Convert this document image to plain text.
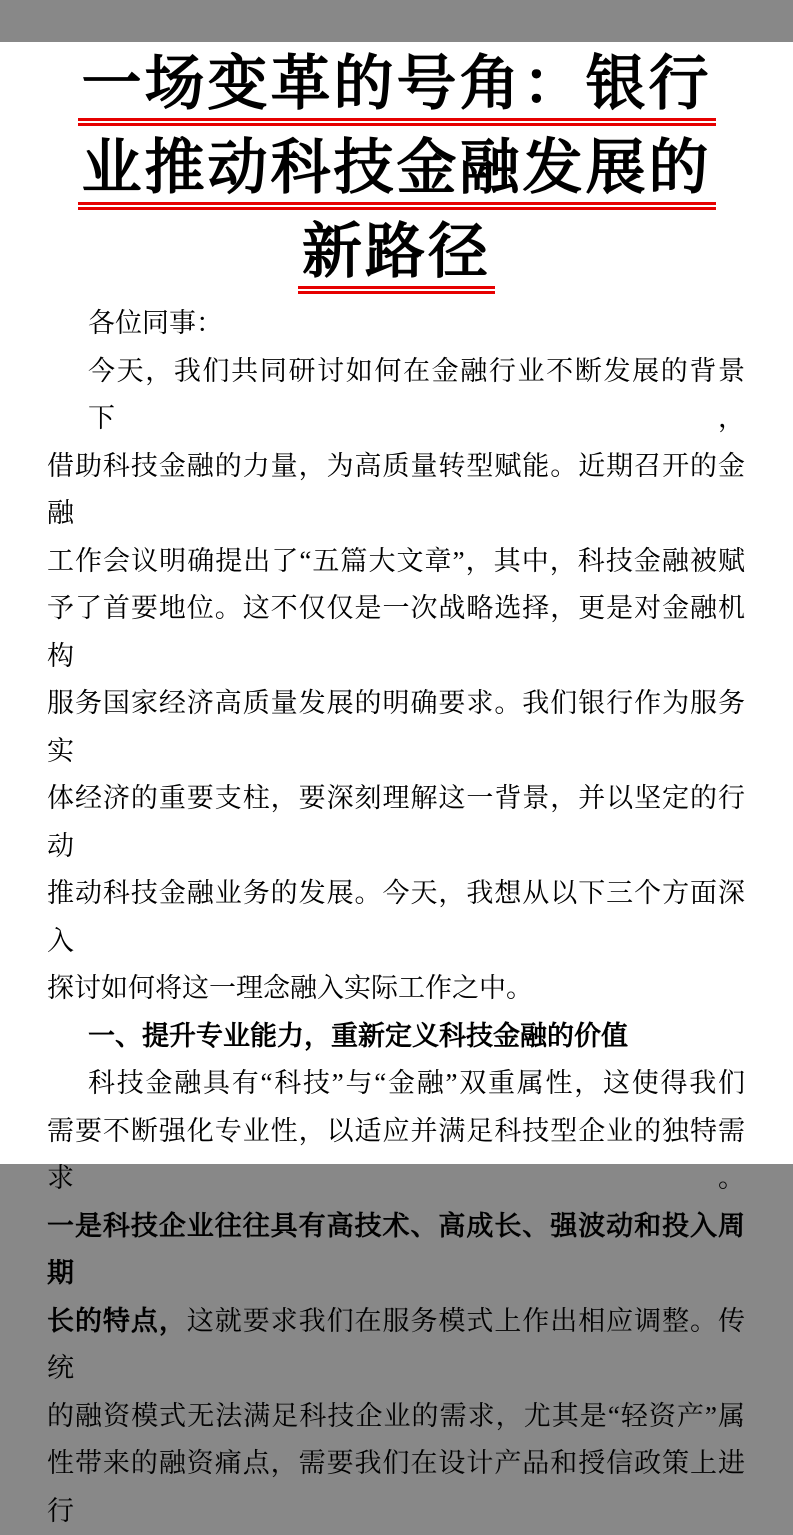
一场变革的号角：银行
业推动科技金融发展的
新路径
各位同事：
今天，我们共同研讨如何在金融行业不断发展的背景下，
借助科技金融的力量，为高质量转型赋能。近期召开的金融
工作会议明确提出了“五篇大文章”，其中，科技金融被赋
予了首要地位。这不仅仅是一次战略选择，更是对金融机构
服务国家经济高质量发展的明确要求。我们银行作为服务实
体经济的重要支柱，要深刻理解这一背景，并以坚定的行动
推动科技金融业务的发展。今天，我想从以下三个方面深入
探讨如何将这一理念融入实际工作之中。
一、提升专业能力，重新定义科技金融的价值
科技金融具有“科技”与“金融”双重属性，这使得我们
需要不断强化专业性，以适应并满足科技型企业的独特需求。
一是科技企业往往具有高技术、高成长、强波动和投入周期
长的特点，这就要求我们在服务模式上作出相应调整。传统
的融资模式无法满足科技企业的需求，尤其是“轻资产”属
性带来的融资痛点，需要我们在设计产品和授信政策上进行
